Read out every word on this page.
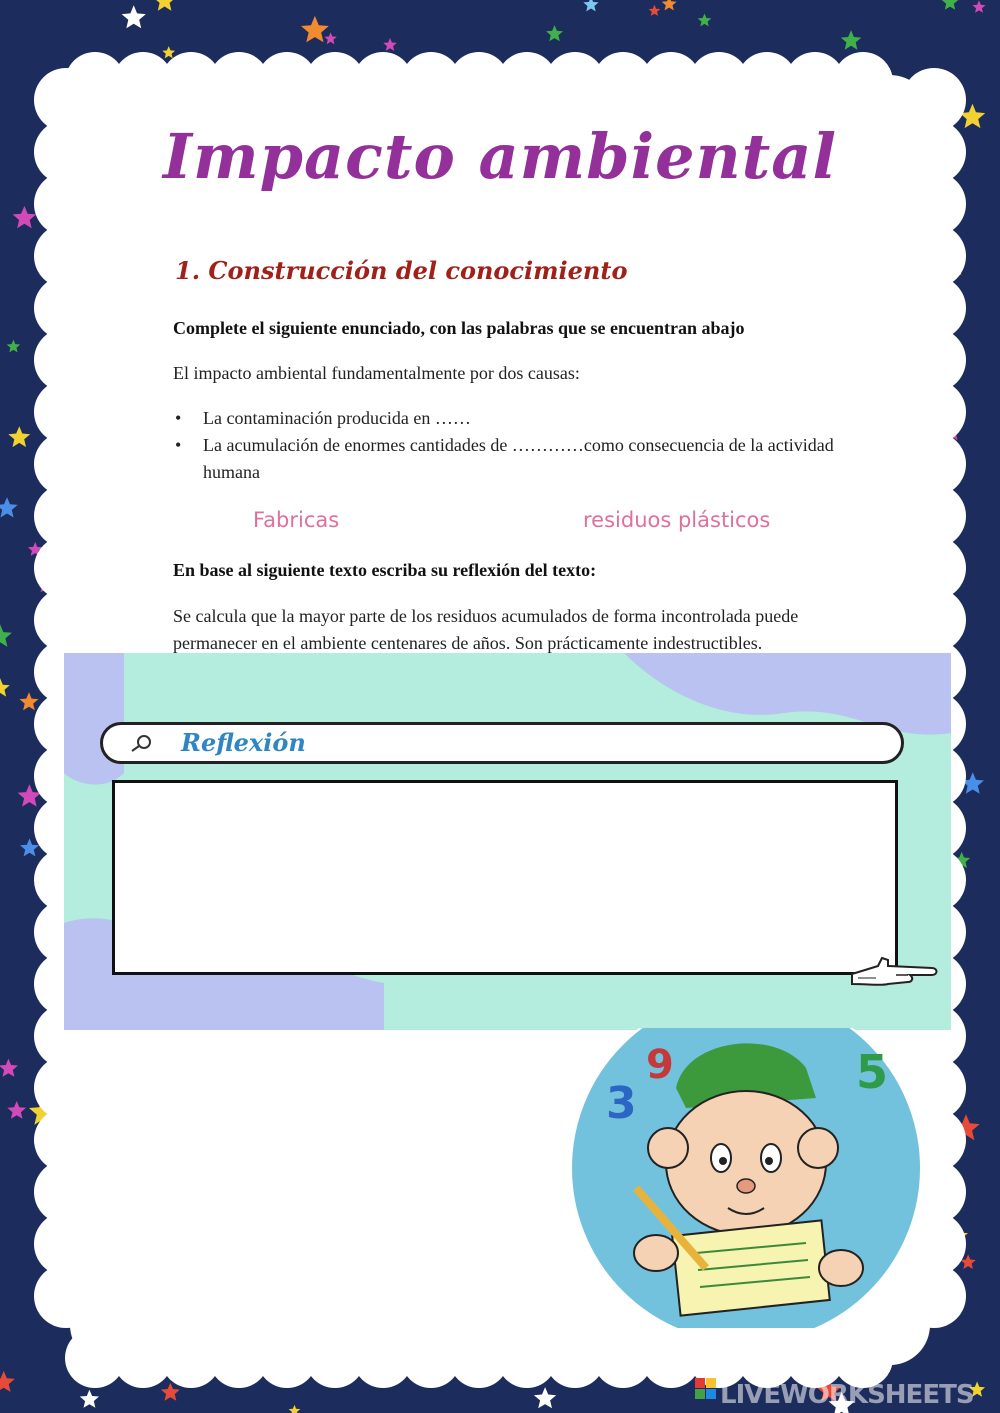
Impacto ambiental
1. Construcción del conocimiento
Complete el siguiente enunciado, con las palabras que se encuentran abajo
El impacto ambiental fundamentalmente por dos causas:
• La contaminación producida en ……
• La acumulación de enormes cantidades de …………como consecuencia de la actividad humana
Fabricas	residuos plásticos
En base al siguiente texto escriba su reflexión del texto:
Se calcula que la mayor parte de los residuos acumulados de forma incontrolada puede permanecer en el ambiente centenares de años. Son prácticamente indestructibles.
Reflexión
3
9	5
LIVEWORKSHEETS
